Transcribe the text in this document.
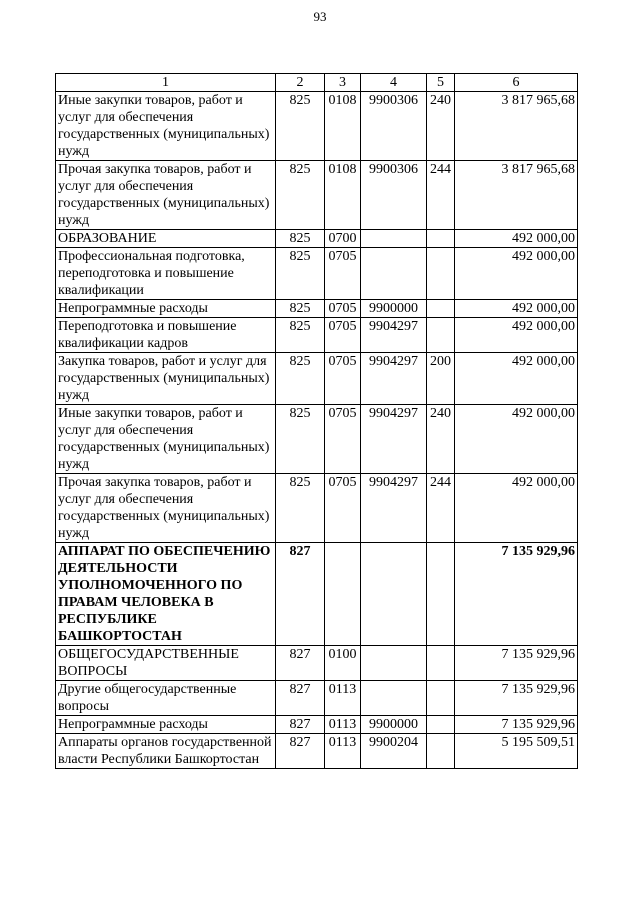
93
1	2	3	4	5	6
Иные закупки товаров, работ и услуг для обеспечения государственных (муниципальных) нужд	825	0108	9900306	240	3 817 965,68
Прочая закупка товаров, работ и услуг для обеспечения государственных (муниципальных) нужд	825	0108	9900306	244	3 817 965,68
ОБРАЗОВАНИЕ	825	0700			492 000,00
Профессиональная подготовка, переподготовка и повышение квалификации	825	0705			492 000,00
Непрограммные расходы	825	0705	9900000		492 000,00
Переподготовка и повышение квалификации кадров	825	0705	9904297		492 000,00
Закупка товаров, работ и услуг для государственных (муниципальных) нужд	825	0705	9904297	200	492 000,00
Иные закупки товаров, работ и услуг для обеспечения государственных (муниципальных) нужд	825	0705	9904297	240	492 000,00
Прочая закупка товаров, работ и услуг для обеспечения государственных (муниципальных) нужд	825	0705	9904297	244	492 000,00
АППАРАТ ПО ОБЕСПЕЧЕНИЮ ДЕЯТЕЛЬНОСТИ УПОЛНОМОЧЕННОГО ПО ПРАВАМ ЧЕЛОВЕКА В РЕСПУБЛИКЕ БАШКОРТОСТАН	827				7 135 929,96
ОБЩЕГОСУДАРСТВЕННЫЕ ВОПРОСЫ	827	0100			7 135 929,96
Другие общегосударственные вопросы	827	0113			7 135 929,96
Непрограммные расходы	827	0113	9900000		7 135 929,96
Аппараты органов государственной власти Республики Башкортостан	827	0113	9900204		5 195 509,51
